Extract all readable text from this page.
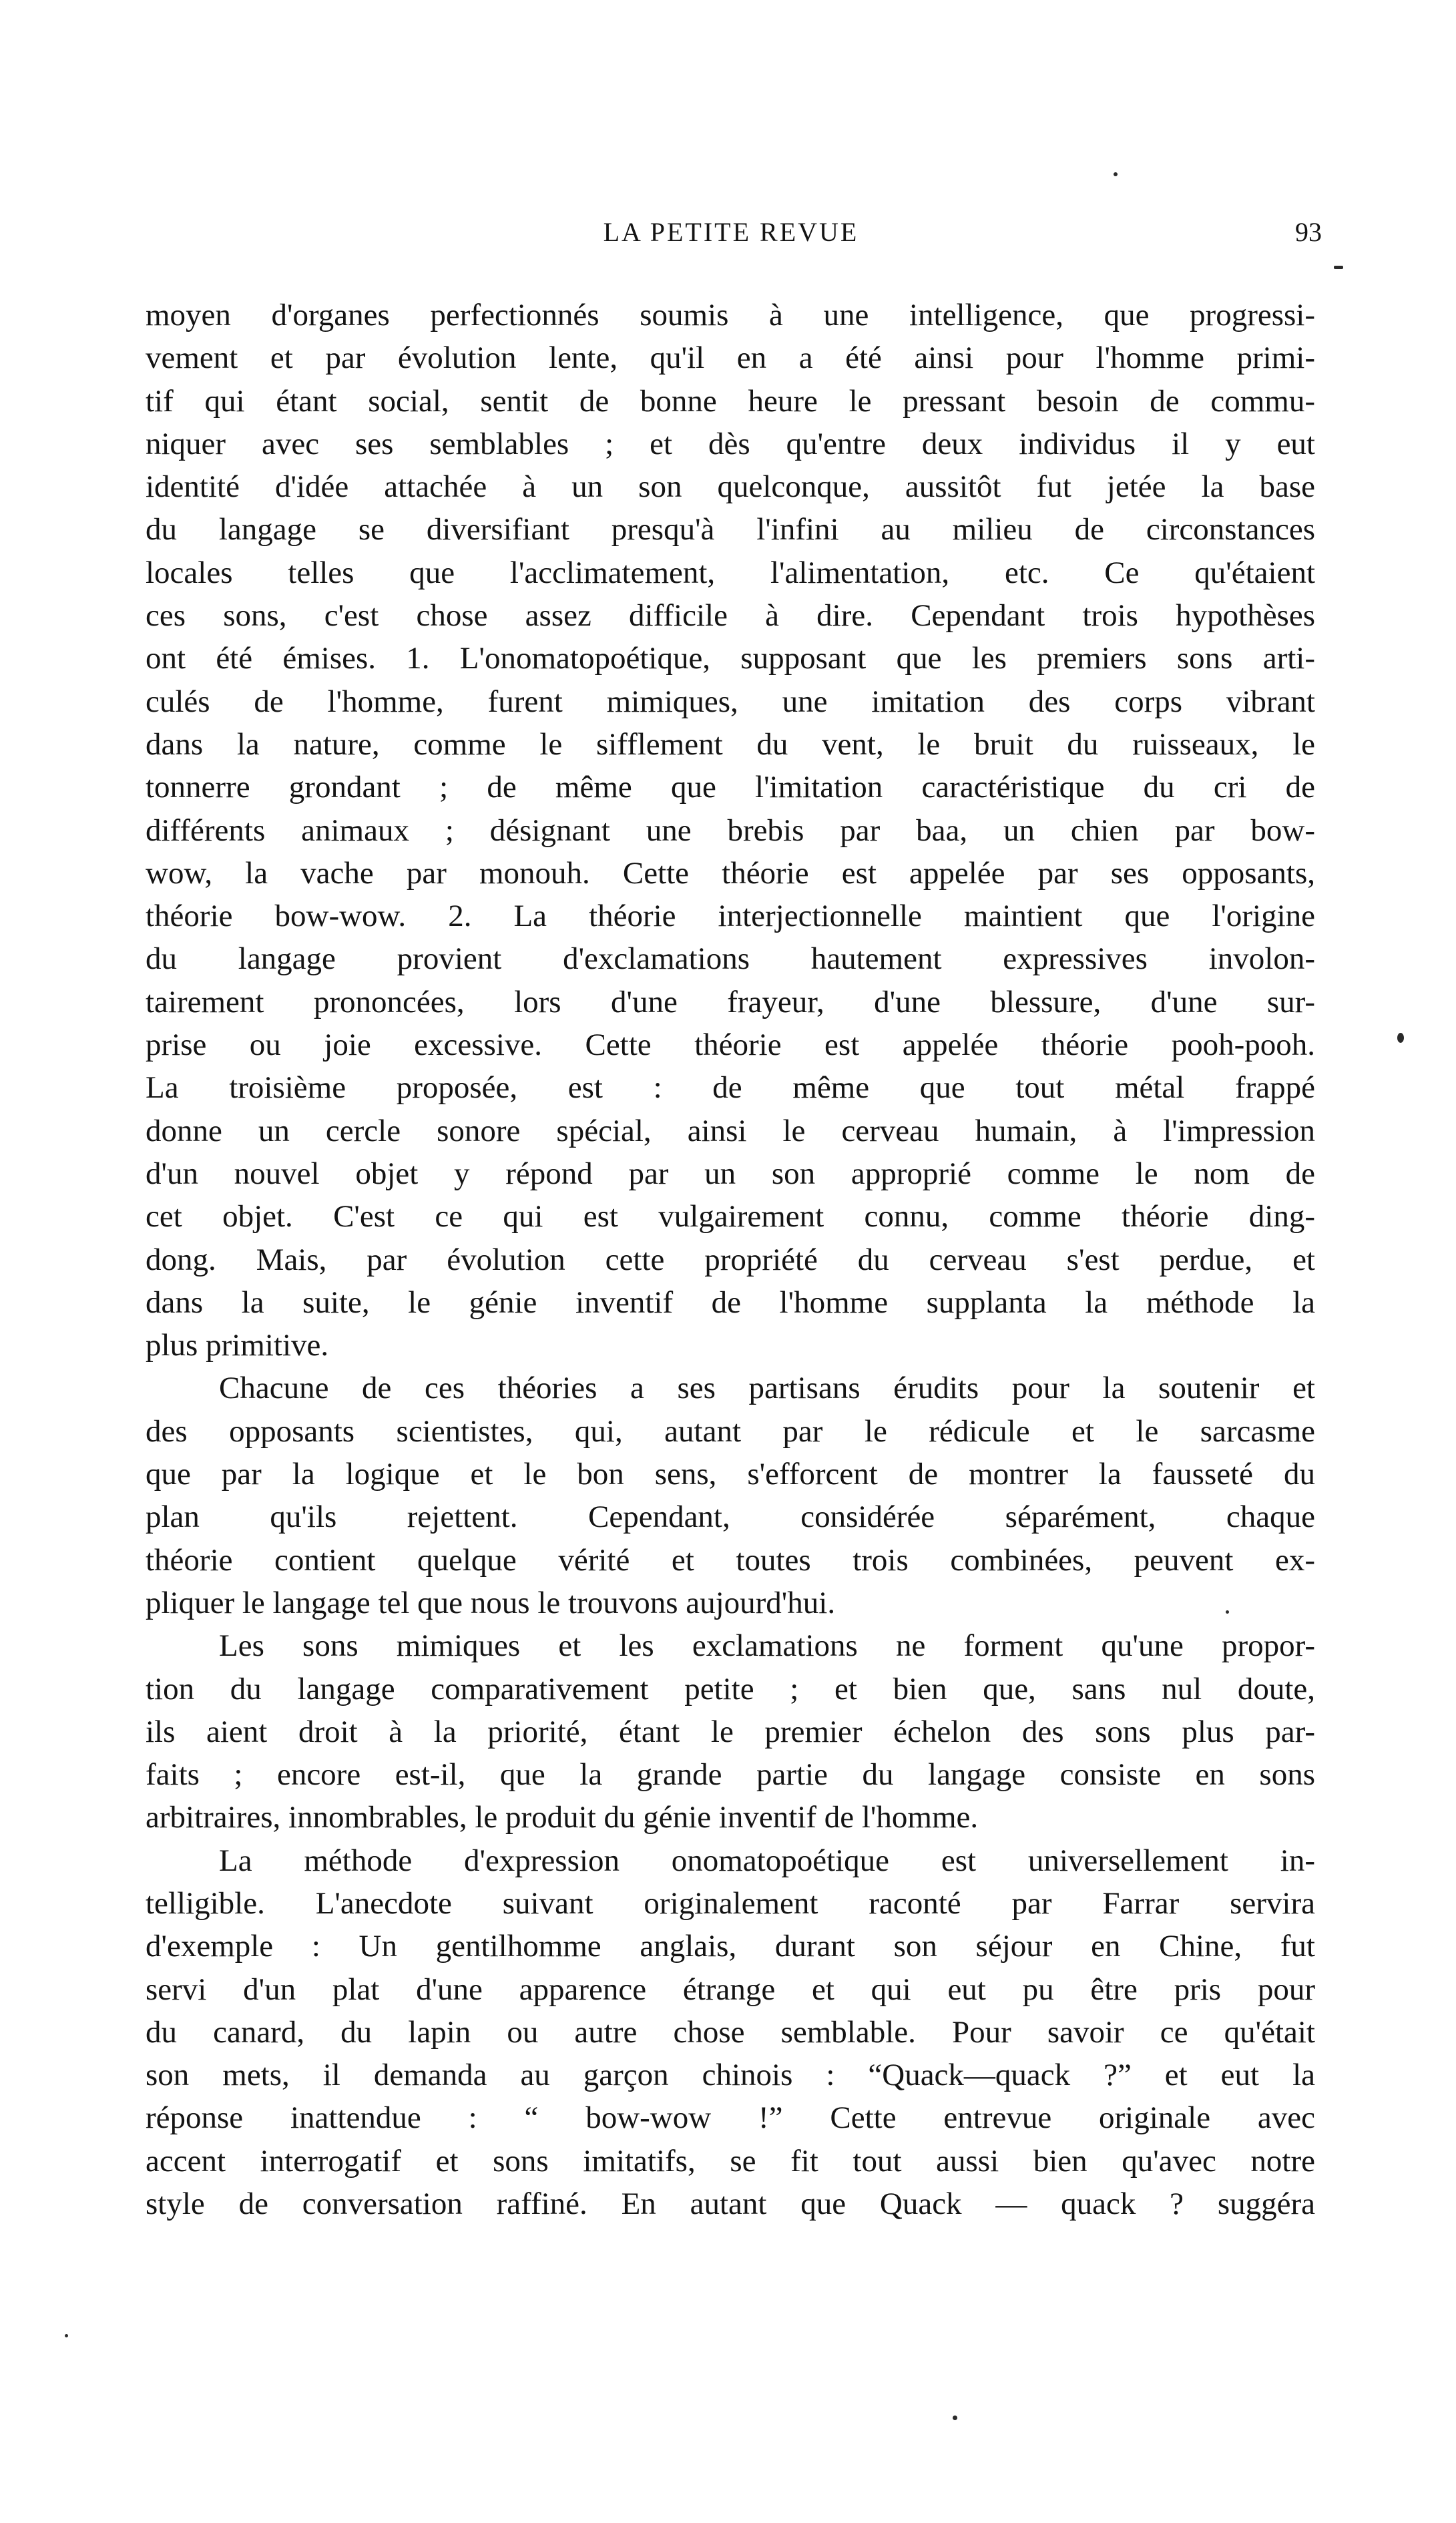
LA PETITE REVUE	93
moyen d'organes perfectionnés soumis à une intelligence, que progressi-
vement et par évolution lente, qu'il en a été ainsi pour l'homme primi-
tif qui étant social, sentit de bonne heure le pressant besoin de commu-
niquer avec ses semblables ; et dès qu'entre deux individus il y eut
identité d'idée attachée à un son quelconque, aussitôt fut jetée la base
du langage se diversifiant presqu'à l'infini au milieu de circonstances
locales telles que l'acclimatement, l'alimentation, etc. Ce qu'étaient
ces sons, c'est chose assez difficile à dire. Cependant trois hypothèses
ont été émises. 1. L'onomatopoétique, supposant que les premiers sons arti-
culés de l'homme, furent mimiques, une imitation des corps vibrant
dans la nature, comme le sifflement du vent, le bruit du ruisseaux, le
tonnerre grondant ; de même que l'imitation caractéristique du cri de
différents animaux ; désignant une brebis par baa, un chien par bow-
wow, la vache par monouh. Cette théorie est appelée par ses opposants,
théorie bow-wow. 2. La théorie interjectionnelle maintient que l'origine
du langage provient d'exclamations hautement expressives involon-
tairement prononcées, lors d'une frayeur, d'une blessure, d'une sur-
prise ou joie excessive. Cette théorie est appelée théorie pooh-pooh.
La troisième proposée, est : de même que tout métal frappé
donne un cercle sonore spécial, ainsi le cerveau humain, à l'impression
d'un nouvel objet y répond par un son approprié comme le nom de
cet objet. C'est ce qui est vulgairement connu, comme théorie ding-
dong. Mais, par évolution cette propriété du cerveau s'est perdue, et
dans la suite, le génie inventif de l'homme supplanta la méthode la
plus primitive.
Chacune de ces théories a ses partisans érudits pour la soutenir et
des opposants scientistes, qui, autant par le rédicule et le sarcasme
que par la logique et le bon sens, s'efforcent de montrer la fausseté du
plan qu'ils rejettent. Cependant, considérée séparément, chaque
théorie contient quelque vérité et toutes trois combinées, peuvent ex-
pliquer le langage tel que nous le trouvons aujourd'hui.
Les sons mimiques et les exclamations ne forment qu'une propor-
tion du langage comparativement petite ; et bien que, sans nul doute,
ils aient droit à la priorité, étant le premier échelon des sons plus par-
faits ; encore est-il, que la grande partie du langage consiste en sons
arbitraires, innombrables, le produit du génie inventif de l'homme.
La méthode d'expression onomatopoétique est universellement in-
telligible. L'anecdote suivant originalement raconté par Farrar servira
d'exemple : Un gentilhomme anglais, durant son séjour en Chine, fut
servi d'un plat d'une apparence étrange et qui eut pu être pris pour
du canard, du lapin ou autre chose semblable. Pour savoir ce qu'était
son mets, il demanda au garçon chinois : “Quack—quack ?” et eut la
réponse inattendue : “ bow-wow !” Cette entrevue originale avec
accent interrogatif et sons imitatifs, se fit tout aussi bien qu'avec notre
style de conversation raffiné. En autant que Quack — quack ? suggéra
